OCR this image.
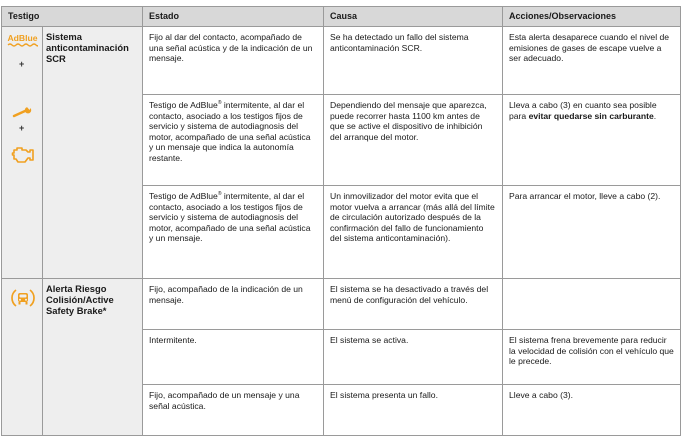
Testigo		Estado	Causa	Acciones/Observaciones

AdBlue
+
+	Sistema anticontaminación SCR	Fijo al dar del contacto, acompañado de una señal acústica y de la indicación de un mensaje.	Se ha detectado un fallo del sistema anticontaminación SCR.	Esta alerta desaparece cuando el nivel de emisiones de gases de escape vuelve a ser adecuado.
		Testigo de AdBlue® intermitente, al dar el contacto, asociado a los testigos fijos de servicio y sistema de autodiagnosis del motor, acompañado de una señal acústica y un mensaje que indica la autonomía restante.	Dependiendo del mensaje que aparezca, puede recorrer hasta 1100 km antes de que se active el dispositivo de inhibición del arranque del motor.	Lleva a cabo (3) en cuanto sea posible para evitar quedarse sin carburante.
		Testigo de AdBlue® intermitente, al dar el contacto, asociado a los testigos fijos de servicio y sistema de autodiagnosis del motor, acompañado de una señal acústica y un mensaje.	Un inmovilizador del motor evita que el motor vuelva a arrancar (más allá del límite de circulación autorizado después de la confirmación del fallo de funcionamiento del sistema anticontaminación).	Para arrancar el motor, lleve a cabo (2).

	Alerta Riesgo Colisión/Active Safety Brake*	Fijo, acompañado de la indicación de un mensaje.	El sistema se ha desactivado a través del menú de configuración del vehículo.	
		Intermitente.	El sistema se activa.	El sistema frena brevemente para reducir la velocidad de colisión con el vehículo que le precede.
		Fijo, acompañado de un mensaje y una señal acústica.	El sistema presenta un fallo.	Lleve a cabo (3).
